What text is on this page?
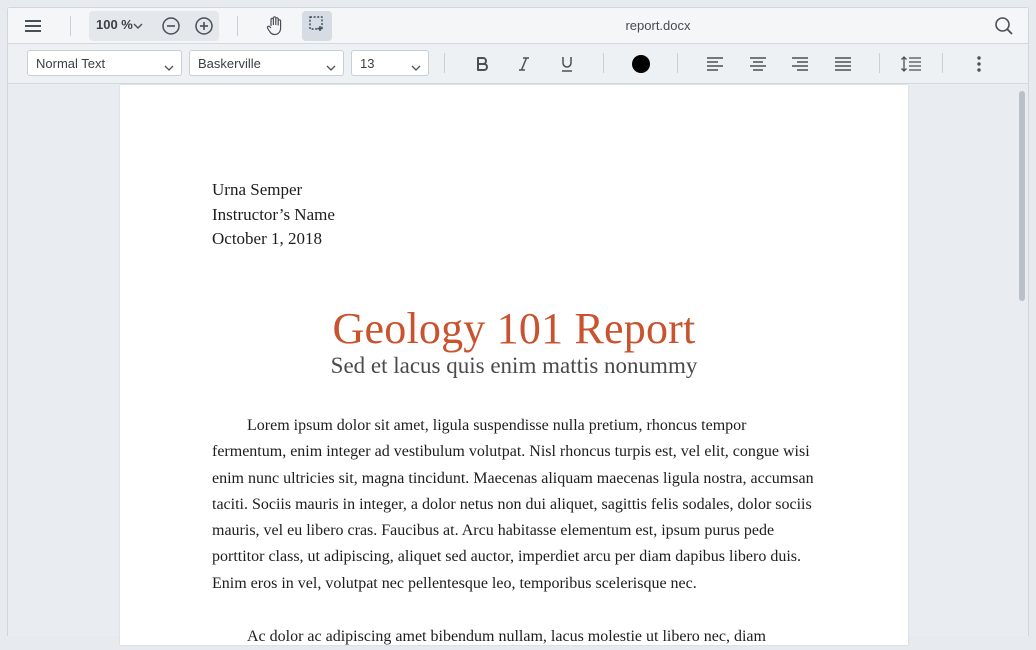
100 %	report.docx
Normal Text	Baskerville	13
Urna Semper
Instructor’s Name
October 1, 2018
Geology 101 Report
Sed et lacus quis enim mattis nonummy

Lorem ipsum dolor sit amet, ligula suspendisse nulla pretium, rhoncus tempor fermentum, enim integer ad vestibulum volutpat. Nisl rhoncus turpis est, vel elit, congue wisi enim nunc ultricies sit, magna tincidunt. Maecenas aliquam maecenas ligula nostra, accumsan taciti. Sociis mauris in integer, a dolor netus non dui aliquet, sagittis felis sodales, dolor sociis mauris, vel eu libero cras. Faucibus at. Arcu habitasse elementum est, ipsum purus pede porttitor class, ut adipiscing, aliquet sed auctor, imperdiet arcu per diam dapibus libero duis. Enim eros in vel, volutpat nec pellentesque leo, temporibus scelerisque nec.

Ac dolor ac adipiscing amet bibendum nullam, lacus molestie ut libero nec, diam
